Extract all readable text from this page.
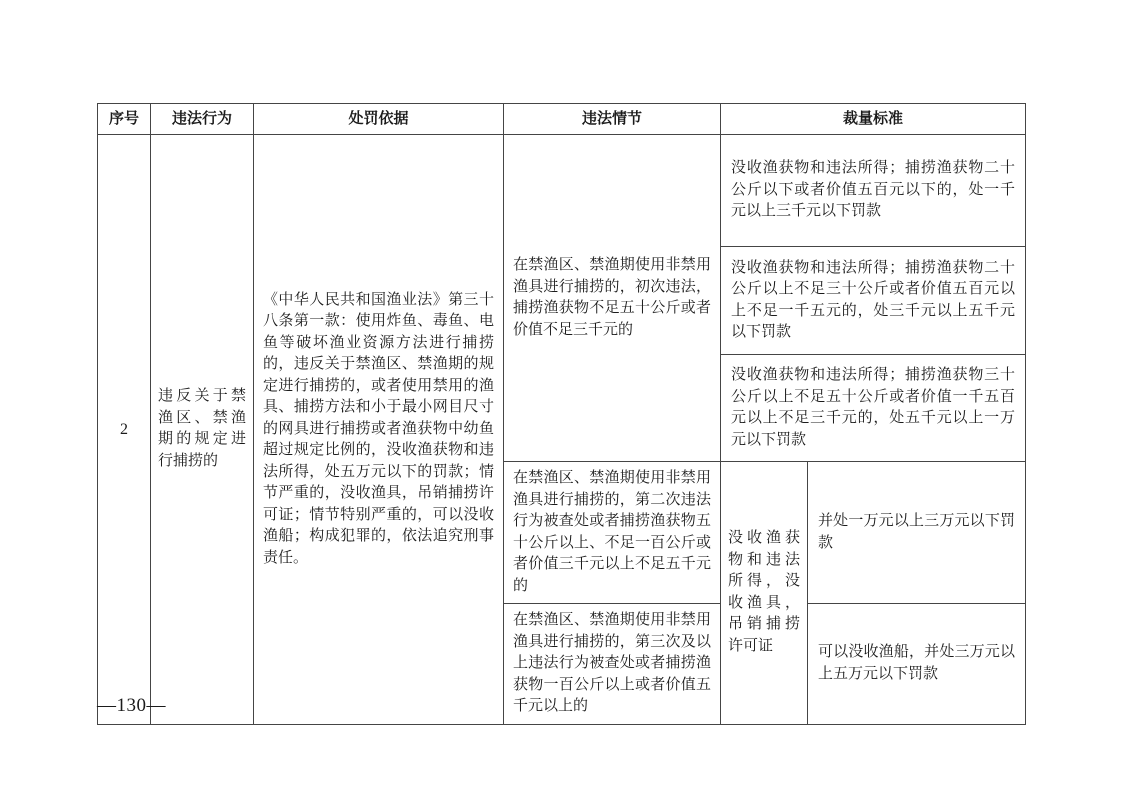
序号	违法行为	处罚依据	违法情节	裁量标准	
2	违反关于禁渔区、禁渔期的规定进行捕捞的	《中华人民共和国渔业法》第三十八条第一款：使用炸鱼、毒鱼、电鱼等破坏渔业资源方法进行捕捞的，违反关于禁渔区、禁渔期的规定进行捕捞的，或者使用禁用的渔具、捕捞方法和小于最小网目尺寸的网具进行捕捞或者渔获物中幼鱼超过规定比例的，没收渔获物和违法所得，处五万元以下的罚款；情节严重的，没收渔具，吊销捕捞许可证；情节特别严重的，可以没收渔船；构成犯罪的，依法追究刑事责任。	在禁渔区、禁渔期使用非禁用渔具进行捕捞的，初次违法，捕捞渔获物不足五十公斤或者价值不足三千元的	没收渔获物和违法所得；捕捞渔获物二十公斤以下或者价值五百元以下的，处一千元以上三千元以下罚款	
				没收渔获物和违法所得；捕捞渔获物二十公斤以上不足三十公斤或者价值五百元以上不足一千五元的，处三千元以上五千元以下罚款	
				没收渔获物和违法所得；捕捞渔获物三十公斤以上不足五十公斤或者价值一千五百元以上不足三千元的，处五千元以上一万元以下罚款	
			在禁渔区、禁渔期使用非禁用渔具进行捕捞的，第二次违法行为被查处或者捕捞渔获物五十公斤以上、不足一百公斤或者价值三千元以上不足五千元的	没收渔获物和违法所得，没收渔具，吊销捕捞许可证	并处一万元以上三万元以下罚款
			在禁渔区、禁渔期使用非禁用渔具进行捕捞的，第三次及以上违法行为被查处或者捕捞渔获物一百公斤以上或者价值五千元以上的		可以没收渔船，并处三万元以上五万元以下罚款
—130—
